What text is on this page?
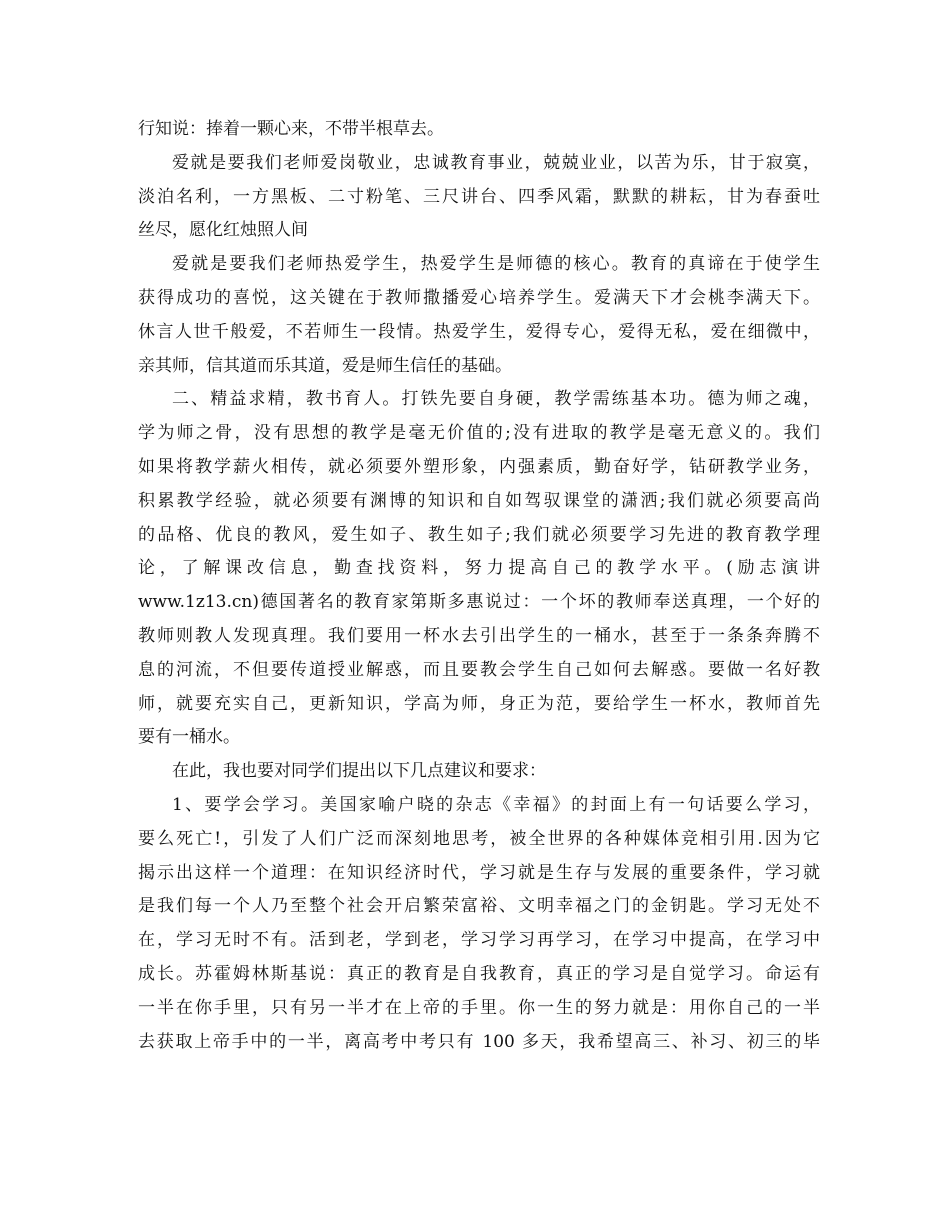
行知说：捧着一颗心来，不带半根草去。
爱就是要我们老师爱岗敬业，忠诚教育事业，兢兢业业，以苦为乐，甘于寂寞，
淡泊名利，一方黑板、二寸粉笔、三尺讲台、四季风霜，默默的耕耘，甘为春蚕吐
丝尽，愿化红烛照人间
爱就是要我们老师热爱学生，热爱学生是师德的核心。教育的真谛在于使学生
获得成功的喜悦，这关键在于教师撒播爱心培养学生。爱满天下才会桃李满天下。
休言人世千般爱，不若师生一段情。热爱学生，爱得专心，爱得无私，爱在细微中，
亲其师，信其道而乐其道，爱是师生信任的基础。
二、精益求精，教书育人。打铁先要自身硬，教学需练基本功。德为师之魂，
学为师之骨，没有思想的教学是毫无价值的;没有进取的教学是毫无意义的。我们
如果将教学薪火相传，就必须要外塑形象，内强素质，勤奋好学，钻研教学业务，
积累教学经验，就必须要有渊博的知识和自如驾驭课堂的潇洒;我们就必须要高尚
的品格、优良的教风，爱生如子、教生如子;我们就必须要学习先进的教育教学理
论，了解课改信息，勤查找资料，努力提高自己的教学水平。(励志演讲
www.1z13.cn)德国著名的教育家第斯多惠说过：一个坏的教师奉送真理，一个好的
教师则教人发现真理。我们要用一杯水去引出学生的一桶水，甚至于一条条奔腾不
息的河流，不但要传道授业解惑，而且要教会学生自己如何去解惑。要做一名好教
师，就要充实自己，更新知识，学高为师，身正为范，要给学生一杯水，教师首先
要有一桶水。
在此，我也要对同学们提出以下几点建议和要求：
1、要学会学习。美国家喻户晓的杂志《幸福》的封面上有一句话要么学习，
要么死亡!，引发了人们广泛而深刻地思考，被全世界的各种媒体竞相引用.因为它
揭示出这样一个道理：在知识经济时代，学习就是生存与发展的重要条件，学习就
是我们每一个人乃至整个社会开启繁荣富裕、文明幸福之门的金钥匙。学习无处不
在，学习无时不有。活到老，学到老，学习学习再学习，在学习中提高，在学习中
成长。苏霍姆林斯基说：真正的教育是自我教育，真正的学习是自觉学习。命运有
一半在你手里，只有另一半才在上帝的手里。你一生的努力就是：用你自己的一半
去获取上帝手中的一半，离高考中考只有 100 多天，我希望高三、补习、初三的毕
